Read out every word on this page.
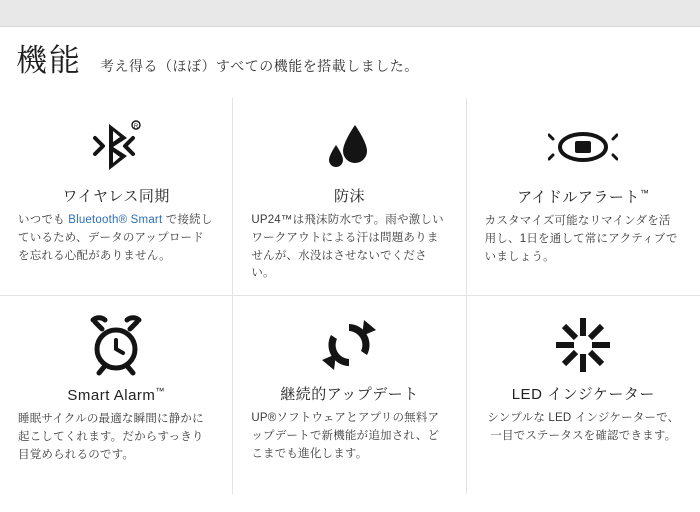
機能 考え得る（ほぼ）すべての機能を搭載しました。
R
ワイヤレス同期
いつでも Bluetooth® Smart で接続しているため、データのアップロードを忘れる心配がありません。
防沫
UP24™は飛沫防水です。雨や激しいワークアウトによる汗は問題ありませんが、水没はさせないでください。
アイドルアラート™
カスタマイズ可能なリマインダを活用し、1日を通して常にアクティブでいましょう。
Smart Alarm™
睡眠サイクルの最適な瞬間に静かに起こしてくれます。だからすっきり目覚められるのです。
継続的アップデート
UP®ソフトウェアとアプリの無料アップデートで新機能が追加され、どこまでも進化します。
LED インジケーター
シンプルな LED インジケーターで、一目でステータスを確認できます。
